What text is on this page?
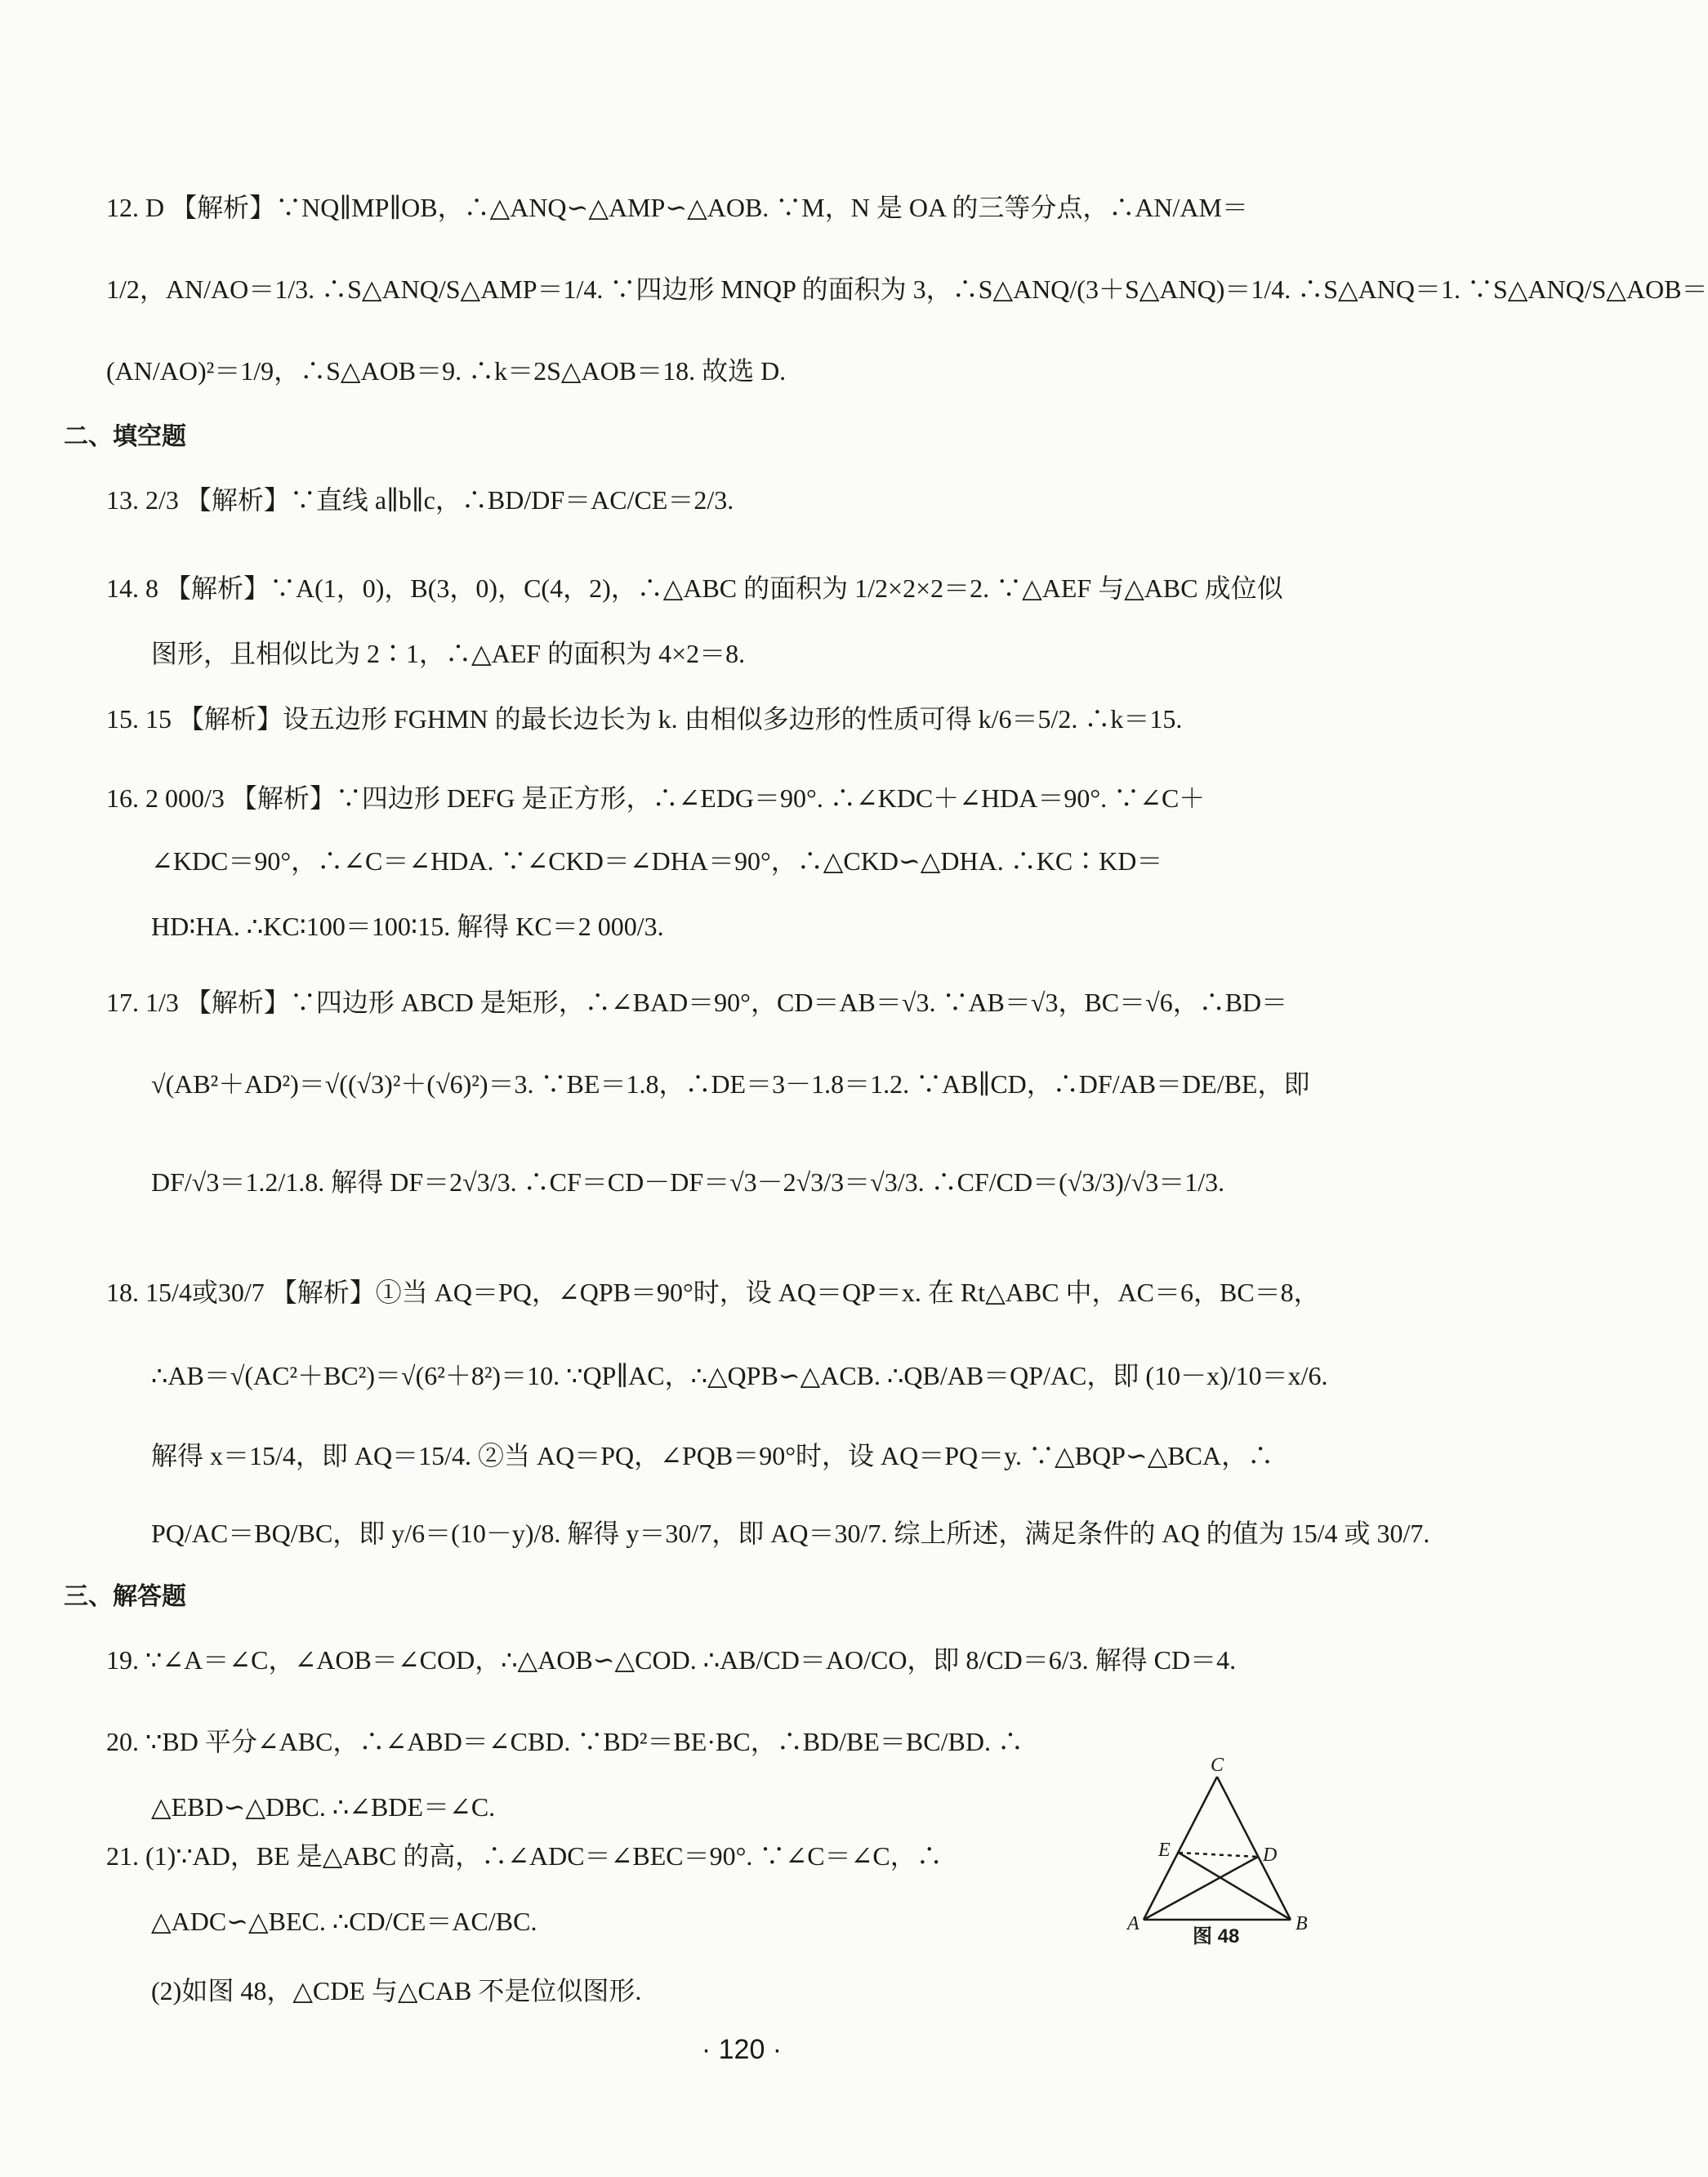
12. D 【解析】∵NQ∥MP∥OB，∴△ANQ∽△AMP∽△AOB. ∵M，N 是 OA 的三等分点，∴AN/AM＝
1/2，AN/AO＝1/3. ∴S△ANQ/S△AMP＝1/4. ∵四边形 MNQP 的面积为 3，∴S△ANQ/(3＋S△ANQ)＝1/4. ∴S△ANQ＝1. ∵S△ANQ/S△AOB＝
(AN/AO)²＝1/9，∴S△AOB＝9. ∴k＝2S△AOB＝18. 故选 D.
二、填空题
13. 2/3 【解析】∵直线 a∥b∥c，∴BD/DF＝AC/CE＝2/3.
14. 8 【解析】∵A(1，0)，B(3，0)，C(4，2)，∴△ABC 的面积为 1/2×2×2＝2. ∵△AEF 与△ABC 成位似
图形，且相似比为 2∶1，∴△AEF 的面积为 4×2＝8.
15. 15 【解析】设五边形 FGHMN 的最长边长为 k. 由相似多边形的性质可得 k/6＝5/2. ∴k＝15.
16. 2 000/3 【解析】∵四边形 DEFG 是正方形，∴∠EDG＝90°. ∴∠KDC＋∠HDA＝90°. ∵∠C＋
∠KDC＝90°，∴∠C＝∠HDA. ∵∠CKD＝∠DHA＝90°，∴△CKD∽△DHA. ∴KC∶KD＝
HD∶HA. ∴KC∶100＝100∶15. 解得 KC＝2 000/3.
17. 1/3 【解析】∵四边形 ABCD 是矩形，∴∠BAD＝90°，CD＝AB＝√3. ∵AB＝√3，BC＝√6，∴BD＝
√(AB²＋AD²)＝√((√3)²＋(√6)²)＝3. ∵BE＝1.8，∴DE＝3－1.8＝1.2. ∵AB∥CD，∴DF/AB＝DE/BE，即
DF/√3＝1.2/1.8. 解得 DF＝2√3/3. ∴CF＝CD－DF＝√3－2√3/3＝√3/3. ∴CF/CD＝(√3/3)/√3＝1/3.
18. 15/4或30/7 【解析】①当 AQ＝PQ，∠QPB＝90°时，设 AQ＝QP＝x. 在 Rt△ABC 中，AC＝6，BC＝8，
∴AB＝√(AC²＋BC²)＝√(6²＋8²)＝10. ∵QP∥AC，∴△QPB∽△ACB. ∴QB/AB＝QP/AC，即 (10－x)/10＝x/6.
解得 x＝15/4，即 AQ＝15/4. ②当 AQ＝PQ，∠PQB＝90°时，设 AQ＝PQ＝y. ∵△BQP∽△BCA，∴
PQ/AC＝BQ/BC，即 y/6＝(10－y)/8. 解得 y＝30/7，即 AQ＝30/7. 综上所述，满足条件的 AQ 的值为 15/4 或 30/7.
三、解答题
19. ∵∠A＝∠C，∠AOB＝∠COD，∴△AOB∽△COD. ∴AB/CD＝AO/CO，即 8/CD＝6/3. 解得 CD＝4.
20. ∵BD 平分∠ABC，∴∠ABD＝∠CBD. ∵BD²＝BE·BC，∴BD/BE＝BC/BD. ∴
△EBD∽△DBC. ∴∠BDE＝∠C.
21. (1)∵AD，BE 是△ABC 的高，∴∠ADC＝∠BEC＝90°. ∵∠C＝∠C，∴
△ADC∽△BEC. ∴CD/CE＝AC/BC.
(2)如图 48，△CDE 与△CAB 不是位似图形.
C
E	D
A	B
图 48
· 120 ·
